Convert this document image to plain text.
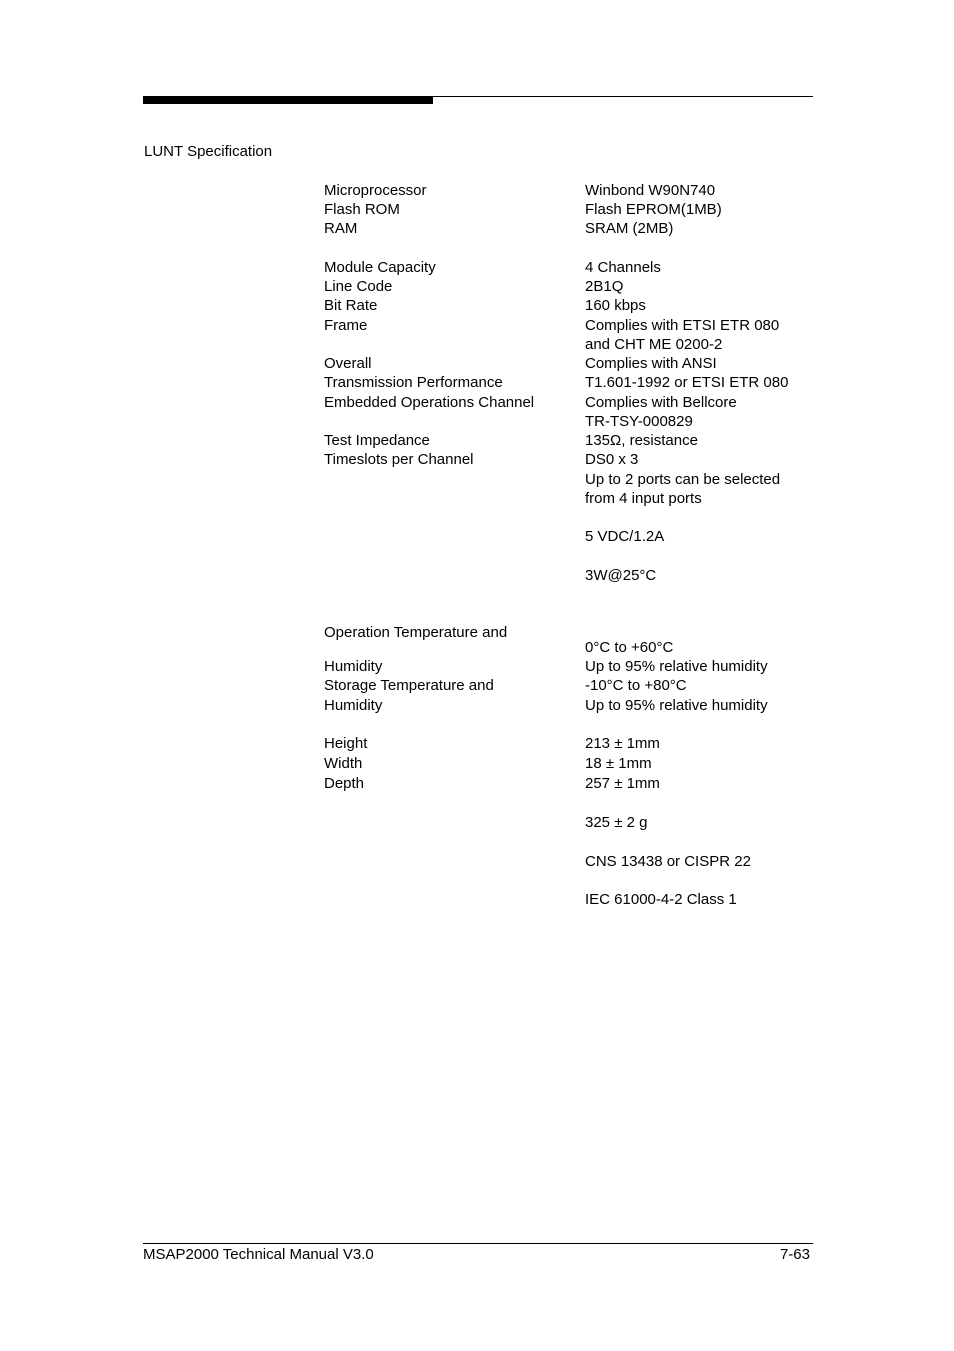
LUNT Specification
Microprocessor
Flash ROM
RAM
Module Capacity
Line Code
Bit Rate
Frame
Overall
Transmission Performance
Embedded Operations Channel
Test Impedance
Timeslots per Channel
Operation Temperature and
Humidity
Storage Temperature and
Humidity
Height
Width
Depth
Winbond W90N740
Flash EPROM(1MB)
SRAM (2MB)
4 Channels
2B1Q
160 kbps
Complies with ETSI ETR 080
and CHT ME 0200-2
Complies with ANSI
T1.601-1992 or ETSI ETR 080
Complies with Bellcore
TR-TSY-000829
135Ω, resistance
DS0 x 3
Up to 2 ports can be selected
from 4 input ports
5 VDC/1.2A
3W@25°C
0°C to +60°C
Up to 95% relative humidity
-10°C to +80°C
Up to 95% relative humidity
213 ± 1mm
18 ± 1mm
257 ± 1mm
325 ± 2 g
CNS 13438 or CISPR 22
IEC 61000-4-2 Class 1
MSAP2000 Technical Manual V3.0	7-63
